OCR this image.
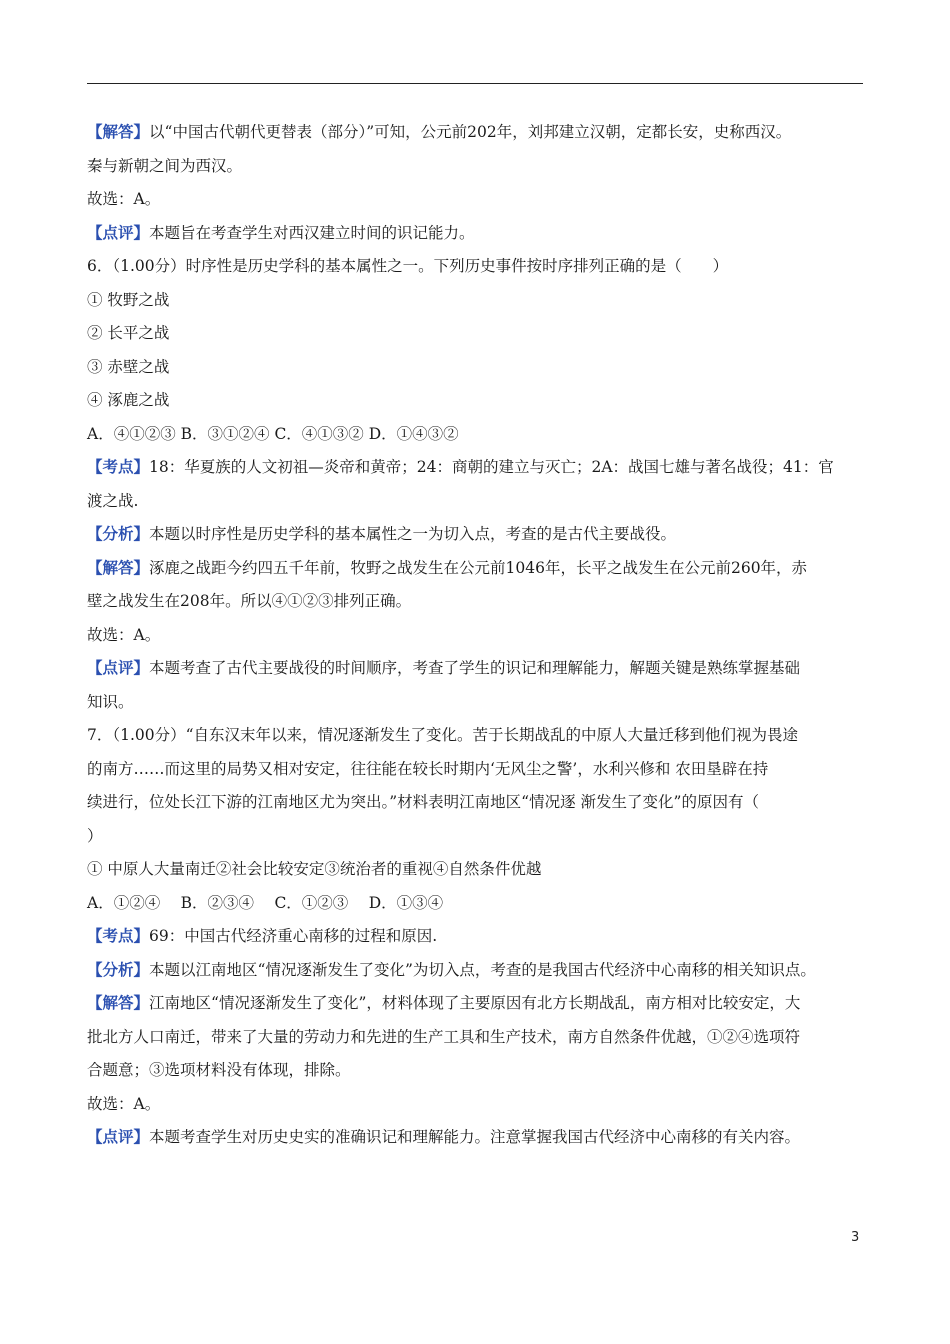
【解答】以“中国古代朝代更替表（部分）”可知，公元前202年，刘邦建立汉朝，定都长安，史称西汉。
秦与新朝之间为西汉。
故选：A。
【点评】本题旨在考查学生对西汉建立时间的识记能力。
6．（1.00分）时序性是历史学科的基本属性之一。下列历史事件按时序排列正确的是（　　）
① 牧野之战
② 长平之战
③ 赤壁之战
④ 涿鹿之战
A．④①②③ B．③①②④ C．④①③② D．①④③②
【考点】18：华夏族的人文初祖—炎帝和黄帝；24：商朝的建立与灭亡；2A：战国七雄与著名战役；41：官
渡之战.
【分析】本题以时序性是历史学科的基本属性之一为切入点，考查的是古代主要战役。
【解答】涿鹿之战距今约四五千年前，牧野之战发生在公元前1046年，长平之战发生在公元前260年，赤
壁之战发生在208年。所以④①②③排列正确。
故选：A。
【点评】本题考查了古代主要战役的时间顺序，考查了学生的识记和理解能力，解题关键是熟练掌握基础
知识。
7．（1.00分）“自东汉末年以来，情况逐渐发生了变化。苦于长期战乱的中原人大量迁移到他们视为畏途
的南方……而这里的局势又相对安定，往往能在较长时期内‘无风尘之警’，水利兴修和 农田垦辟在持
续进行，位处长江下游的江南地区尤为突出。”材料表明江南地区“情况逐 渐发生了变化”的原因有（
）
① 中原人大量南迁②社会比较安定③统治者的重视④自然条件优越
A．①②④　 B．②③④　 C．①②③　 D．①③④
【考点】69：中国古代经济重心南移的过程和原因.
【分析】本题以江南地区“情况逐渐发生了变化”为切入点，考查的是我国古代经济中心南移的相关知识点。
【解答】江南地区“情况逐渐发生了变化”，材料体现了主要原因有北方长期战乱，南方相对比较安定，大
批北方人口南迁，带来了大量的劳动力和先进的生产工具和生产技术，南方自然条件优越，①②④选项符
合题意；③选项材料没有体现，排除。
故选：A。
【点评】本题考查学生对历史史实的准确识记和理解能力。注意掌握我国古代经济中心南移的有关内容。
3
